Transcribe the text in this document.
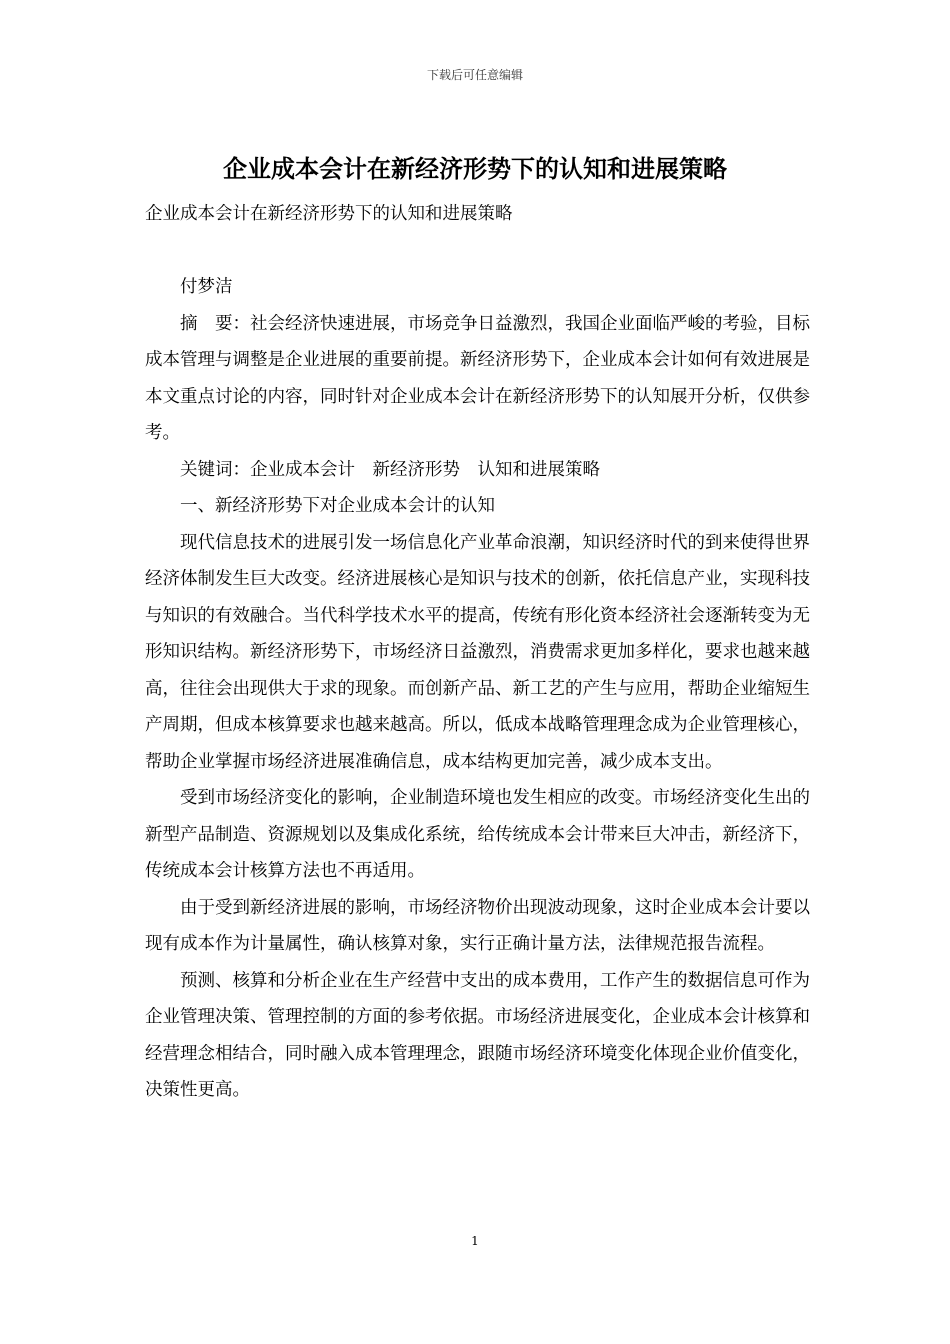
下载后可任意编辑
企业成本会计在新经济形势下的认知和进展策略

企业成本会计在新经济形势下的认知和进展策略

付梦洁

摘　要：社会经济快速进展，市场竞争日益激烈，我国企业面临严峻的考验，目标成本管理与调整是企业进展的重要前提。新经济形势下，企业成本会计如何有效进展是本文重点讨论的内容，同时针对企业成本会计在新经济形势下的认知展开分析，仅供参考。

关键词：企业成本会计　新经济形势　认知和进展策略

一、新经济形势下对企业成本会计的认知

现代信息技术的进展引发一场信息化产业革命浪潮，知识经济时代的到来使得世界经济体制发生巨大改变。经济进展核心是知识与技术的创新，依托信息产业，实现科技与知识的有效融合。当代科学技术水平的提高，传统有形化资本经济社会逐渐转变为无形知识结构。新经济形势下，市场经济日益激烈，消费需求更加多样化，要求也越来越高，往往会出现供大于求的现象。而创新产品、新工艺的产生与应用，帮助企业缩短生产周期，但成本核算要求也越来越高。所以，低成本战略管理理念成为企业管理核心，帮助企业掌握市场经济进展准确信息，成本结构更加完善，减少成本支出。

受到市场经济变化的影响，企业制造环境也发生相应的改变。市场经济变化生出的新型产品制造、资源规划以及集成化系统，给传统成本会计带来巨大冲击，新经济下，传统成本会计核算方法也不再适用。

由于受到新经济进展的影响，市场经济物价出现波动现象，这时企业成本会计要以现有成本作为计量属性，确认核算对象，实行正确计量方法，法律规范报告流程。

预测、核算和分析企业在生产经营中支出的成本费用，工作产生的数据信息可作为企业管理决策、管理控制的方面的参考依据。市场经济进展变化，企业成本会计核算和经营理念相结合，同时融入成本管理理念，跟随市场经济环境变化体现企业价值变化，决策性更高。

1
